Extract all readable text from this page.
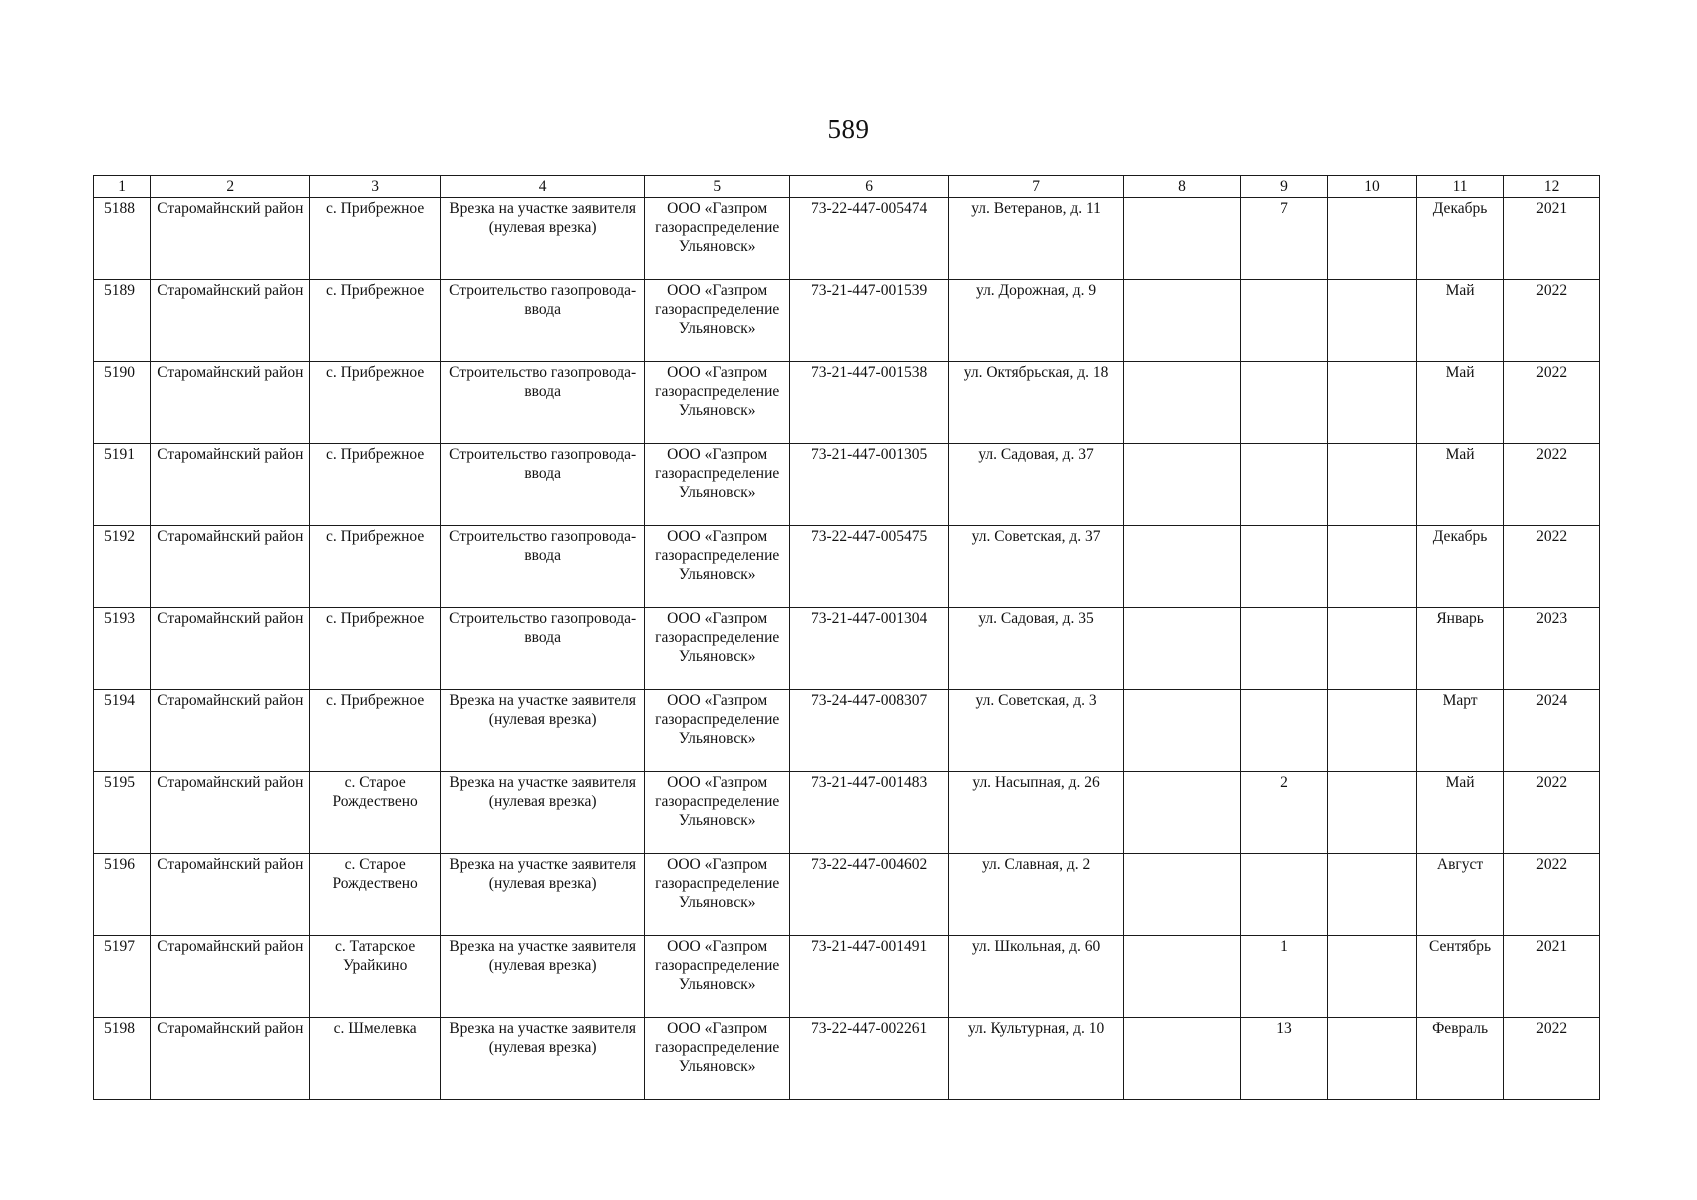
589
1	2	3	4	5	6	7	8	9	10	11	12
5188	Старомайнский район	с. Прибрежное	Врезка на участке заявителя (нулевая врезка)	ООО «Газпром газораспределение Ульяновск»	73-22-447-005474	ул. Ветеранов, д. 11		7		Декабрь	2021
5189	Старомайнский район	с. Прибрежное	Строительство газопровода-ввода	ООО «Газпром газораспределение Ульяновск»	73-21-447-001539	ул. Дорожная, д. 9				Май	2022
5190	Старомайнский район	с. Прибрежное	Строительство газопровода-ввода	ООО «Газпром газораспределение Ульяновск»	73-21-447-001538	ул. Октябрьская, д. 18				Май	2022
5191	Старомайнский район	с. Прибрежное	Строительство газопровода-ввода	ООО «Газпром газораспределение Ульяновск»	73-21-447-001305	ул. Садовая, д. 37				Май	2022
5192	Старомайнский район	с. Прибрежное	Строительство газопровода-ввода	ООО «Газпром газораспределение Ульяновск»	73-22-447-005475	ул. Советская, д. 37				Декабрь	2022
5193	Старомайнский район	с. Прибрежное	Строительство газопровода-ввода	ООО «Газпром газораспределение Ульяновск»	73-21-447-001304	ул. Садовая, д. 35				Январь	2023
5194	Старомайнский район	с. Прибрежное	Врезка на участке заявителя (нулевая врезка)	ООО «Газпром газораспределение Ульяновск»	73-24-447-008307	ул. Советская, д. 3				Март	2024
5195	Старомайнский район	с. Старое Рождествено	Врезка на участке заявителя (нулевая врезка)	ООО «Газпром газораспределение Ульяновск»	73-21-447-001483	ул. Насыпная, д. 26		2		Май	2022
5196	Старомайнский район	с. Старое Рождествено	Врезка на участке заявителя (нулевая врезка)	ООО «Газпром газораспределение Ульяновск»	73-22-447-004602	ул. Славная, д. 2				Август	2022
5197	Старомайнский район	с. Татарское Урайкино	Врезка на участке заявителя (нулевая врезка)	ООО «Газпром газораспределение Ульяновск»	73-21-447-001491	ул. Школьная, д. 60		1		Сентябрь	2021
5198	Старомайнский район	с. Шмелевка	Врезка на участке заявителя (нулевая врезка)	ООО «Газпром газораспределение Ульяновск»	73-22-447-002261	ул. Культурная, д. 10		13		Февраль	2022
